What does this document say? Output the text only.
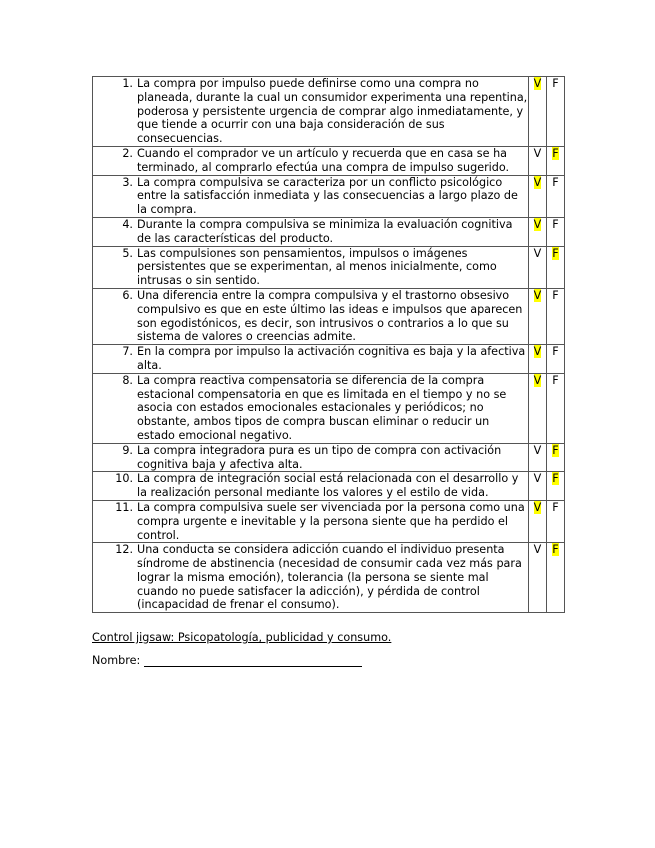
1. La compra por impulso puede definirse como una compra no planeada, durante la cual un consumidor experimenta una repentina, poderosa y persistente urgencia de comprar algo inmediatamente, y que tiende a ocurrir con una baja consideración de sus consecuencias.	V	F

2. Cuando el comprador ve un artículo y recuerda que en casa se ha terminado, al comprarlo efectúa una compra de impulso sugerido.	V	F

3. La compra compulsiva se caracteriza por un conflicto psicológico entre la satisfacción inmediata y las consecuencias a largo plazo de la compra.	V	F

4. Durante la compra compulsiva se minimiza la evaluación cognitiva de las características del producto.	V	F

5. Las compulsiones son pensamientos, impulsos o imágenes persistentes que se experimentan, al menos inicialmente, como intrusas o sin sentido.	V	F

6. Una diferencia entre la compra compulsiva y el trastorno obsesivo compulsivo es que en este último las ideas e impulsos que aparecen son egodistónicos, es decir, son intrusivos o contrarios a lo que su sistema de valores o creencias admite.	V	F

7. En la compra por impulso la activación cognitiva es baja y la afectiva alta.	V	F

8. La compra reactiva compensatoria se diferencia de la compra estacional compensatoria en que es limitada en el tiempo y no se asocia con estados emocionales estacionales y periódicos; no obstante, ambos tipos de compra buscan eliminar o reducir un estado emocional negativo.	V	F

9. La compra integradora pura es un tipo de compra con activación cognitiva baja y afectiva alta.	V	F

10. La compra de integración social está relacionada con el desarrollo y la realización personal mediante los valores y el estilo de vida.	V	F

11. La compra compulsiva suele ser vivenciada por la persona como una compra urgente e inevitable y la persona siente que ha perdido el control.	V	F

12. Una conducta se considera adicción cuando el individuo presenta síndrome de abstinencia (necesidad de consumir cada vez más para lograr la misma emoción), tolerancia (la persona se siente mal cuando no puede satisfacer la adicción), y pérdida de control (incapacidad de frenar el consumo).	V	F
Control jigsaw: Psicopatología, publicidad y consumo.
Nombre:
